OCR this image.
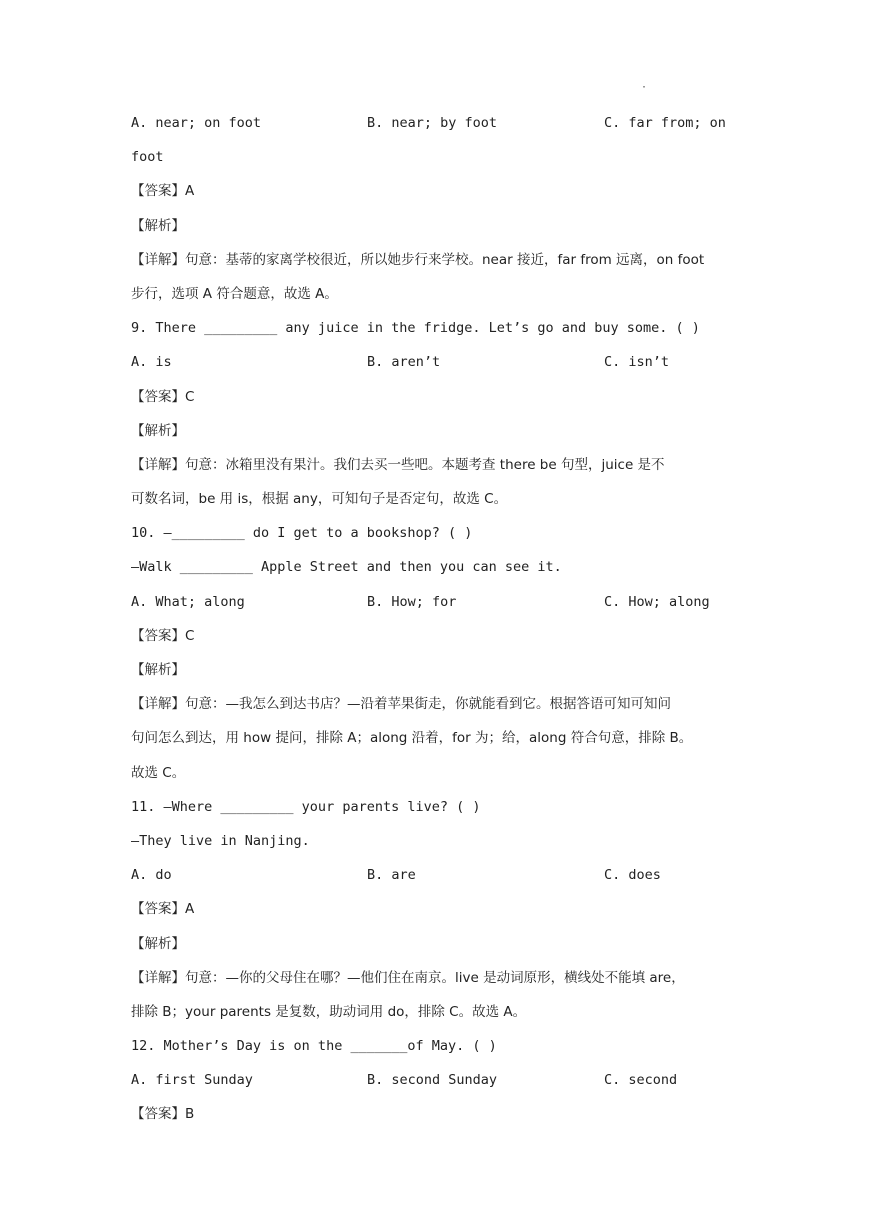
·
A. near; on foot	B. near; by foot	C. far from; on
foot
【答案】A
【解析】
【详解】句意：基蒂的家离学校很近，所以她步行来学校。near 接近，far from 远离，on foot
步行，选项 A 符合题意，故选 A。
9. There _________ any juice in the fridge. Let’s go and buy some. ( )
A. is	B. aren’t	C. isn’t
【答案】C
【解析】
【详解】句意：冰箱里没有果汁。我们去买一些吧。本题考查 there be 句型，juice 是不
可数名词，be 用 is，根据 any，可知句子是否定句，故选 C。
10. —_________ do I get to a bookshop? ( )
—Walk _________ Apple Street and then you can see it.
A. What; along	B. How; for	C. How; along
【答案】C
【解析】
【详解】句意：—我怎么到达书店？—沿着苹果街走，你就能看到它。根据答语可知可知问
句问怎么到达，用 how 提问，排除 A；along 沿着，for 为；给，along 符合句意，排除 B。
故选 C。
11. —Where _________ your parents live? ( )
—They live in Nanjing.
A. do	B. are	C. does
【答案】A
【解析】
【详解】句意：—你的父母住在哪？—他们住在南京。live 是动词原形，横线处不能填 are，
排除 B；your parents 是复数，助动词用 do，排除 C。故选 A。
12. Mother’s Day is on the _______of May. ( )
A. first Sunday	B. second Sunday	C. second
【答案】B
